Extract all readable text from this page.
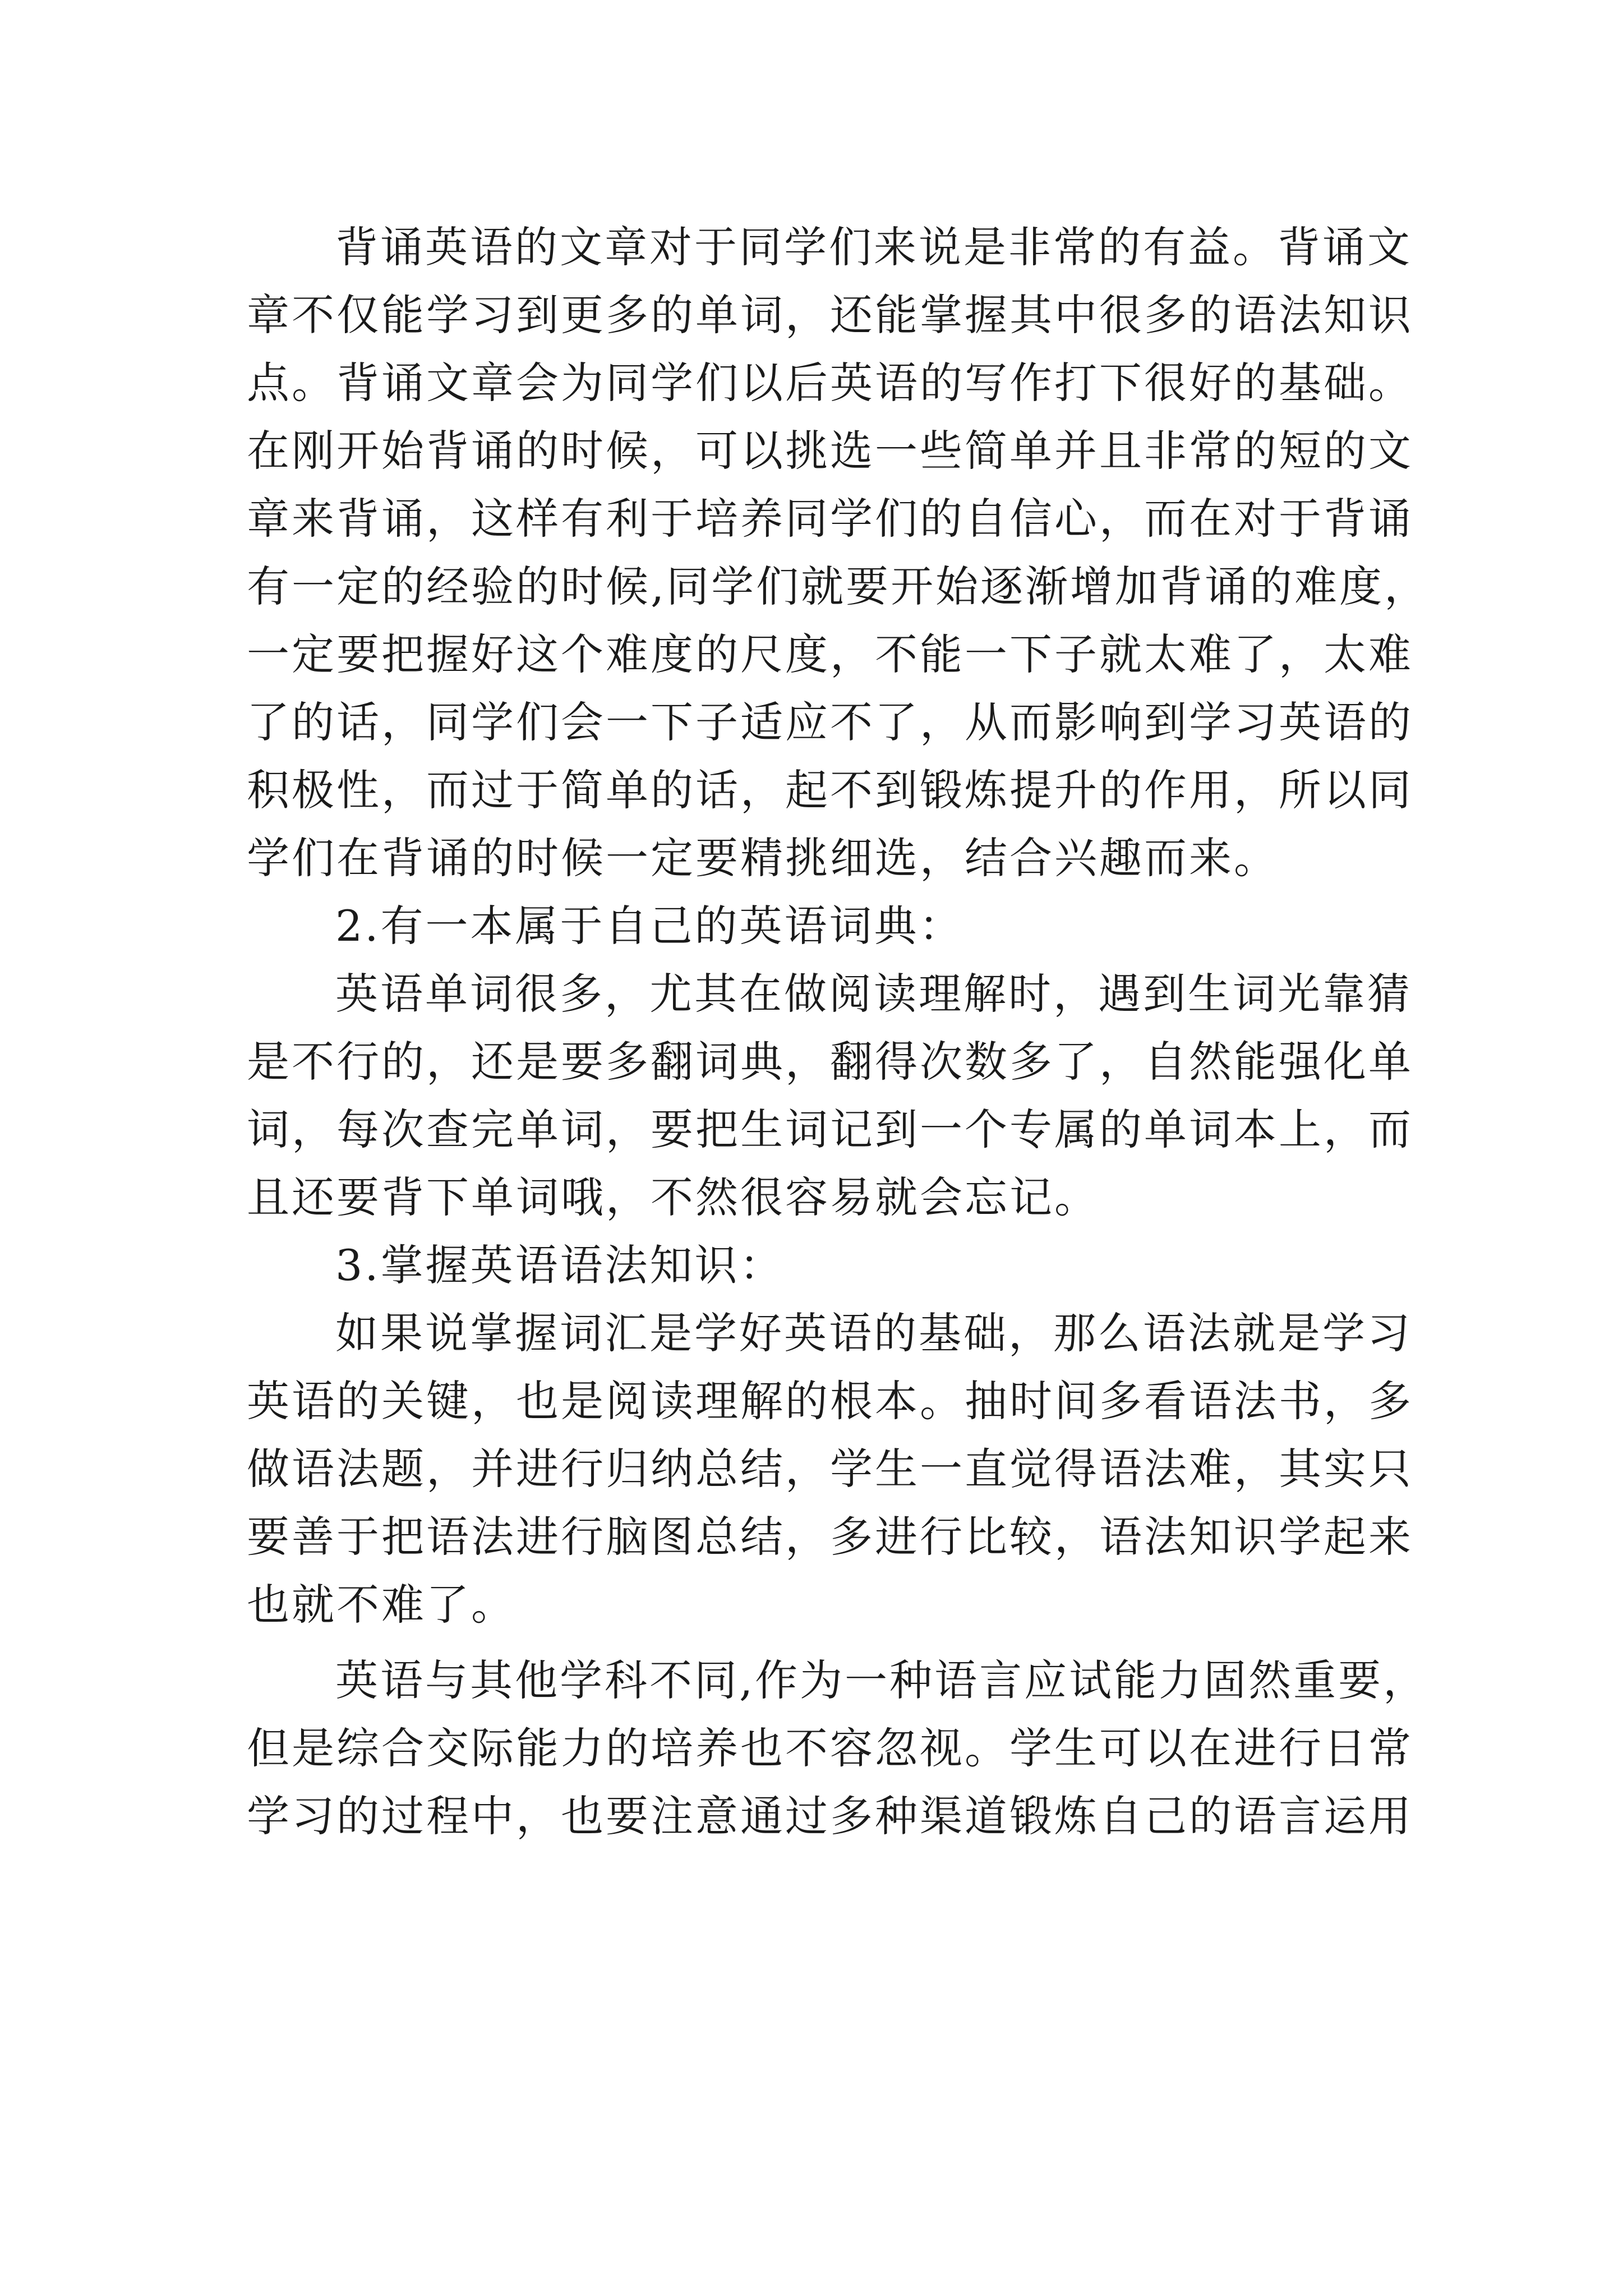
背诵英语的文章对于同学们来说是非常的有益。背诵文
章不仅能学习到更多的单词，还能掌握其中很多的语法知识
点。背诵文章会为同学们以后英语的写作打下很好的基础。
在刚开始背诵的时候，可以挑选一些简单并且非常的短的文
章来背诵，这样有利于培养同学们的自信心，而在对于背诵
有一定的经验的时候,同学们就要开始逐渐增加背诵的难度，
一定要把握好这个难度的尺度，不能一下子就太难了，太难
了的话，同学们会一下子适应不了，从而影响到学习英语的
积极性，而过于简单的话，起不到锻炼提升的作用，所以同
学们在背诵的时候一定要精挑细选，结合兴趣而来。
2.有一本属于自己的英语词典：
英语单词很多，尤其在做阅读理解时，遇到生词光靠猜
是不行的，还是要多翻词典，翻得次数多了，自然能强化单
词，每次查完单词，要把生词记到一个专属的单词本上，而
且还要背下单词哦，不然很容易就会忘记。
3.掌握英语语法知识：
如果说掌握词汇是学好英语的基础，那么语法就是学习
英语的关键，也是阅读理解的根本。抽时间多看语法书，多
做语法题，并进行归纳总结，学生一直觉得语法难，其实只
要善于把语法进行脑图总结，多进行比较，语法知识学起来
也就不难了。
英语与其他学科不同,作为一种语言应试能力固然重要，
但是综合交际能力的培养也不容忽视。学生可以在进行日常
学习的过程中，也要注意通过多种渠道锻炼自己的语言运用
